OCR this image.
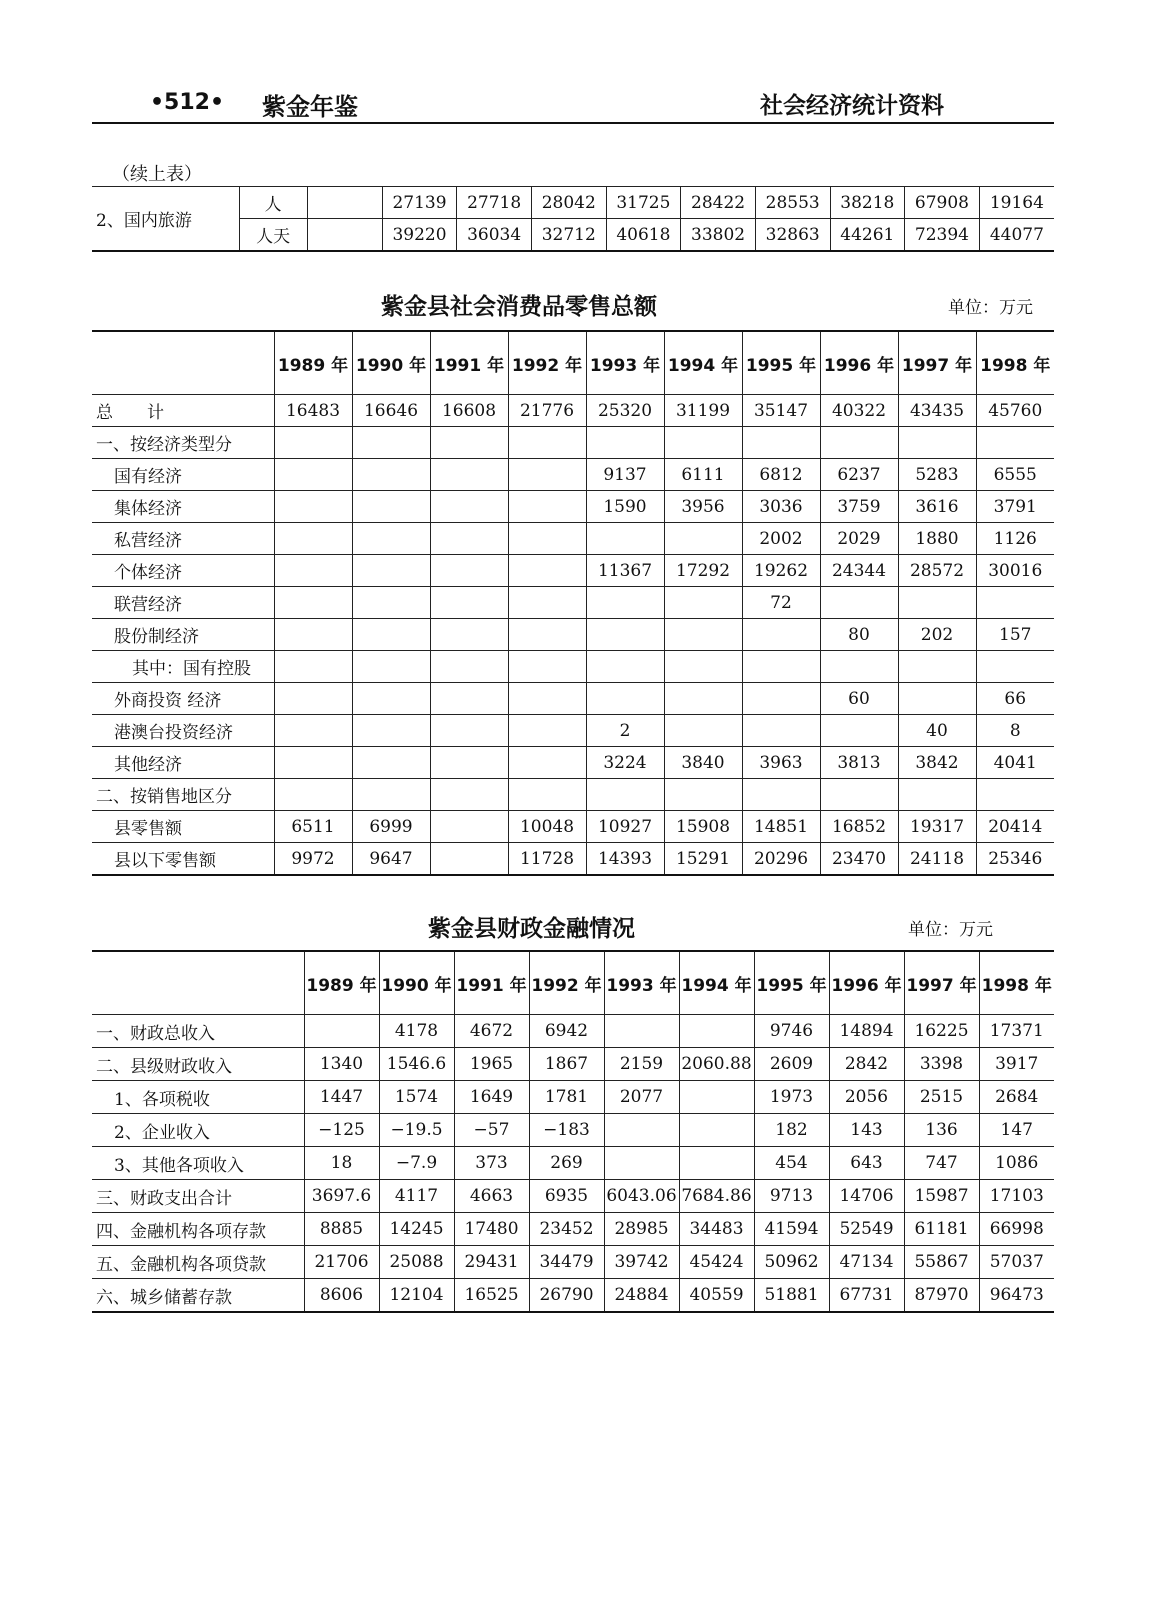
•512• 紫金年鉴	社会经济统计资料
（续上表）
2、国内旅游	人		27139	27718	28042	31725	28422	28553	38218	67908	19164
	人天		39220	36034	32712	40618	33802	32863	44261	72394	44077
紫金县社会消费品零售总额	单位：万元
	1989 年	1990 年	1991 年	1992 年	1993 年	1994 年	1995 年	1996 年	1997 年	1998 年
总　　计	16483	16646	16608	21776	25320	31199	35147	40322	43435	45760
一、按经济类型分										
国有经济					9137	6111	6812	6237	5283	6555
集体经济					1590	3956	3036	3759	3616	3791
私营经济							2002	2029	1880	1126
个体经济					11367	17292	19262	24344	28572	30016
联营经济							72			
股份制经济								80	202	157
其中：国有控股										
外商投资 经济								60		66
港澳台投资经济					2				40	8
其他经济					3224	3840	3963	3813	3842	4041
二、按销售地区分										
县零售额	6511	6999		10048	10927	15908	14851	16852	19317	20414
县以下零售额	9972	9647		11728	14393	15291	20296	23470	24118	25346
紫金县财政金融情况	单位：万元
	1989 年	1990 年	1991 年	1992 年	1993 年	1994 年	1995 年	1996 年	1997 年	1998 年
一、财政总收入		4178	4672	6942			9746	14894	16225	17371
二、县级财政收入	1340	1546.6	1965	1867	2159	2060.88	2609	2842	3398	3917
1、各项税收	1447	1574	1649	1781	2077		1973	2056	2515	2684
2、企业收入	−125	−19.5	−57	−183			182	143	136	147
3、其他各项收入	18	−7.9	373	269			454	643	747	1086
三、财政支出合计	3697.6	4117	4663	6935	6043.06	7684.86	9713	14706	15987	17103
四、金融机构各项存款	8885	14245	17480	23452	28985	34483	41594	52549	61181	66998
五、金融机构各项贷款	21706	25088	29431	34479	39742	45424	50962	47134	55867	57037
六、城乡储蓄存款	8606	12104	16525	26790	24884	40559	51881	67731	87970	96473
